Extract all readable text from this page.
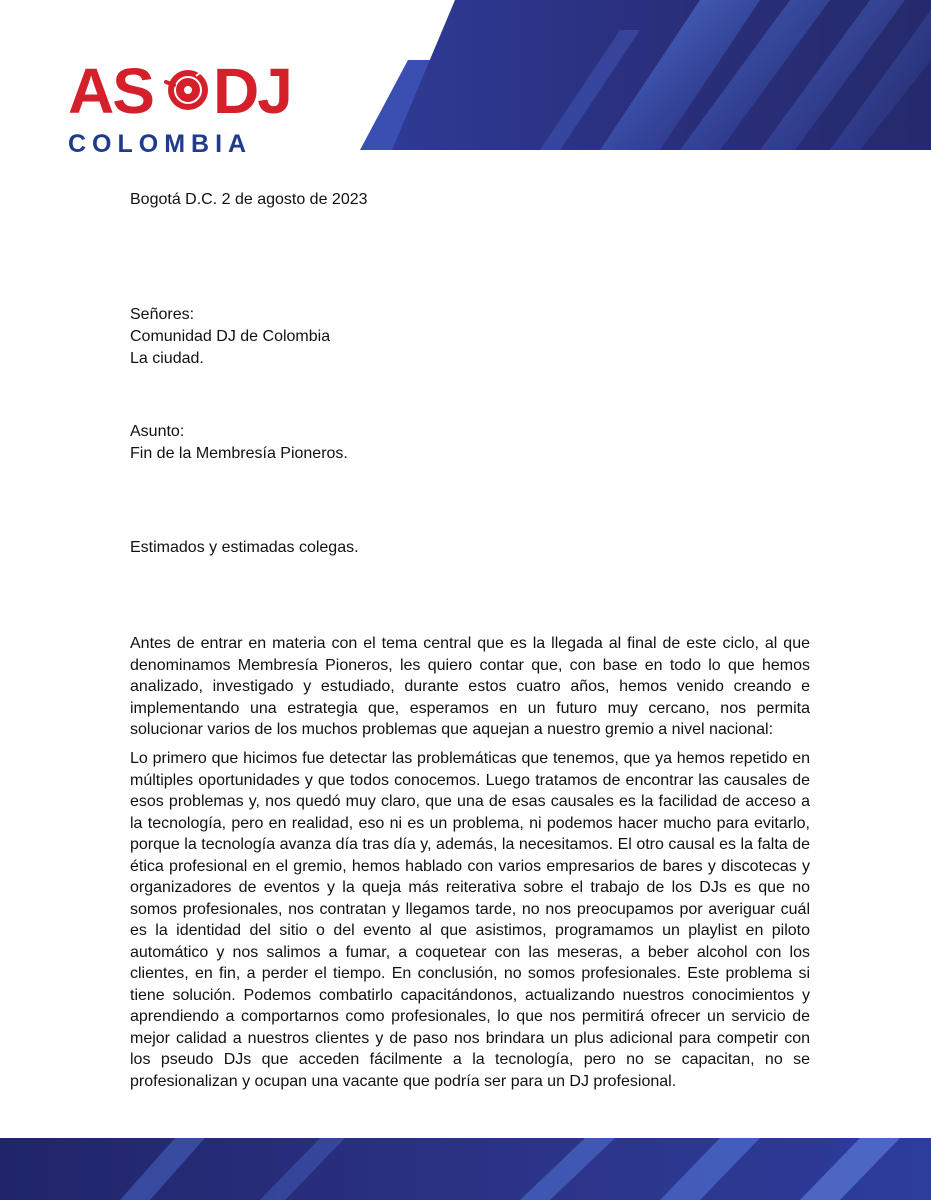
AS DJ
COLOMBIA

Bogotá D.C. 2 de agosto de 2023

Señores:

Comunidad DJ de Colombia

La ciudad.

Asunto:

Fin de la Membresía Pioneros.

Estimados y estimadas colegas.

Antes de entrar en materia con el tema central que es la llegada al final de este ciclo, al que denominamos Membresía Pioneros, les quiero contar que, con base en todo lo que hemos analizado, investigado y estudiado, durante estos cuatro años, hemos venido creando e implementando una estrategia que, esperamos en un futuro muy cercano, nos permita solucionar varios de los muchos problemas que aquejan a nuestro gremio a nivel nacional:

Lo primero que hicimos fue detectar las problemáticas que tenemos, que ya hemos repetido en múltiples oportunidades y que todos conocemos. Luego tratamos de encontrar las causales de esos problemas y, nos quedó muy claro, que una de esas causales es la facilidad de acceso a la tecnología, pero en realidad, eso ni es un problema, ni podemos hacer mucho para evitarlo, porque la tecnología avanza día tras día y, además, la necesitamos. El otro causal es la falta de ética profesional en el gremio, hemos hablado con varios empresarios de bares y discotecas y organizadores de eventos y la queja más reiterativa sobre el trabajo de los DJs es que no somos profesionales, nos contratan y llegamos tarde, no nos preocupamos por averiguar cuál es la identidad del sitio o del evento al que asistimos, programamos un playlist en piloto automático y nos salimos a fumar, a coquetear con las meseras, a beber alcohol con los clientes, en fin, a perder el tiempo. En conclusión, no somos profesionales. Este problema si tiene solución. Podemos combatirlo capacitándonos, actualizando nuestros conocimientos y aprendiendo a comportarnos como profesionales, lo que nos permitirá ofrecer un servicio de mejor calidad a nuestros clientes y de paso nos brindara un plus adicional para competir con los pseudo DJs que acceden fácilmente a la tecnología, pero no se capacitan, no se profesionalizan y ocupan una vacante que podría ser para un DJ profesional.
